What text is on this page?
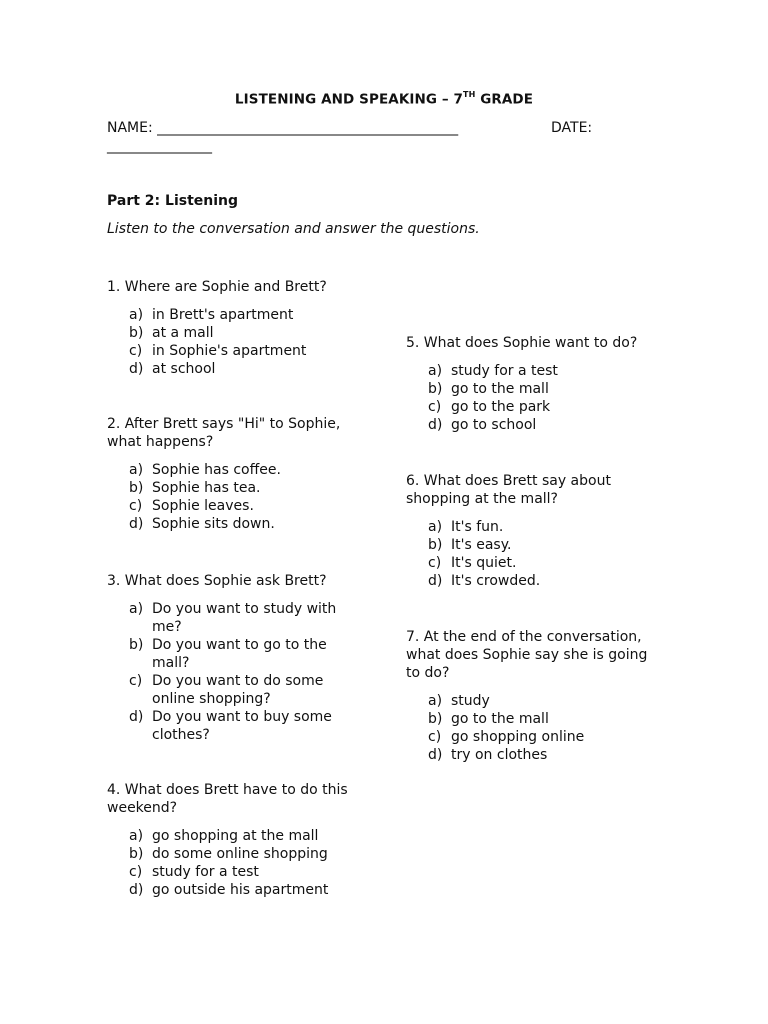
LISTENING AND SPEAKING – 7TH GRADE
NAME: ___________________________________________	DATE:
_______________
Part 2: Listening
Listen to the conversation and answer the questions.

1. Where are Sophie and Brett?

a) in Brett's apartment
b) at a mall
c) in Sophie's apartment
d) at school

2. After Brett says "Hi" to Sophie, what happens?

a) Sophie has coffee.
b) Sophie has tea.
c) Sophie leaves.
d) Sophie sits down.

3. What does Sophie ask Brett?

a) Do you want to study with me?
b) Do you want to go to the mall?
c) Do you want to do some online shopping?
d) Do you want to buy some clothes?

4. What does Brett have to do this weekend?

a) go shopping at the mall
b) do some online shopping
c) study for a test
d) go outside his apartment

5. What does Sophie want to do?

a) study for a test
b) go to the mall
c) go to the park
d) go to school

6. What does Brett say about shopping at the mall?

a) It's fun.
b) It's easy.
c) It's quiet.
d) It's crowded.

7. At the end of the conversation, what does Sophie say she is going to do?

a) study
b) go to the mall
c) go shopping online
d) try on clothes
